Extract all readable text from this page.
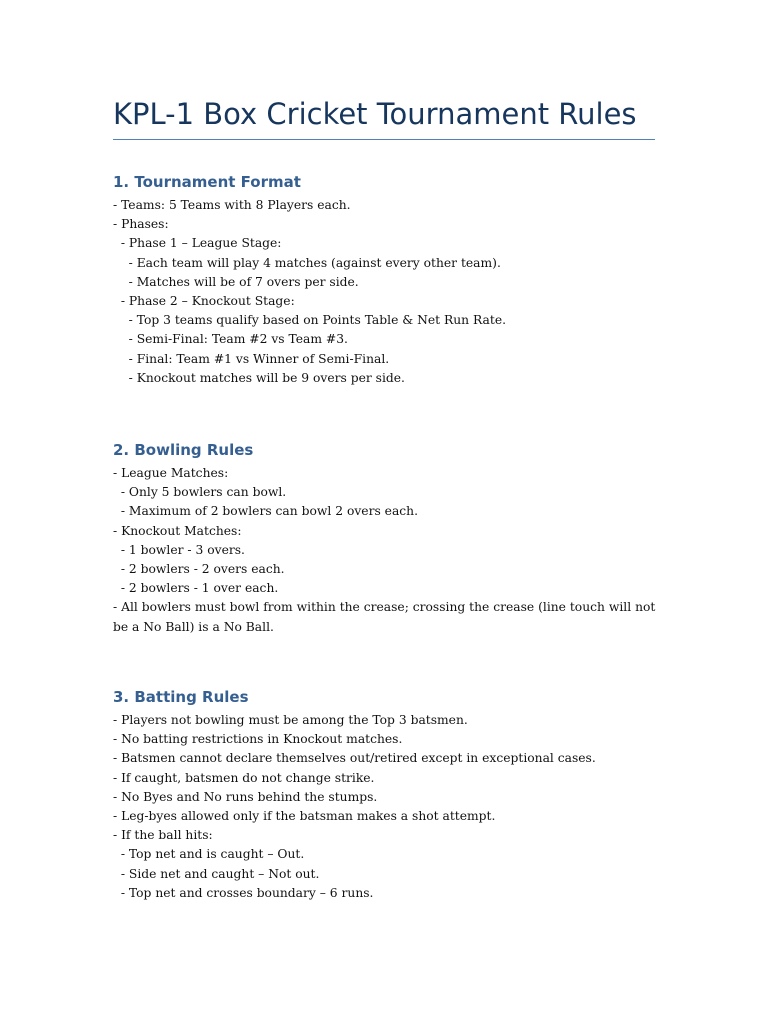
KPL-1 Box Cricket Tournament Rules
1. Tournament Format
- Teams: 5 Teams with 8 Players each.
- Phases:
- Phase 1 – League Stage:
- Each team will play 4 matches (against every other team).
- Matches will be of 7 overs per side.
- Phase 2 – Knockout Stage:
- Top 3 teams qualify based on Points Table & Net Run Rate.
- Semi-Final: Team #2 vs Team #3.
- Final: Team #1 vs Winner of Semi-Final.
- Knockout matches will be 9 overs per side.
2. Bowling Rules
- League Matches:
- Only 5 bowlers can bowl.
- Maximum of 2 bowlers can bowl 2 overs each.
- Knockout Matches:
- 1 bowler - 3 overs.
- 2 bowlers - 2 overs each.
- 2 bowlers - 1 over each.
- All bowlers must bowl from within the crease; crossing the crease (line touch will not be a No Ball) is a No Ball.
3. Batting Rules
- Players not bowling must be among the Top 3 batsmen.
- No batting restrictions in Knockout matches.
- Batsmen cannot declare themselves out/retired except in exceptional cases.
- If caught, batsmen do not change strike.
- No Byes and No runs behind the stumps.
- Leg-byes allowed only if the batsman makes a shot attempt.
- If the ball hits:
- Top net and is caught – Out.
- Side net and caught – Not out.
- Top net and crosses boundary – 6 runs.
